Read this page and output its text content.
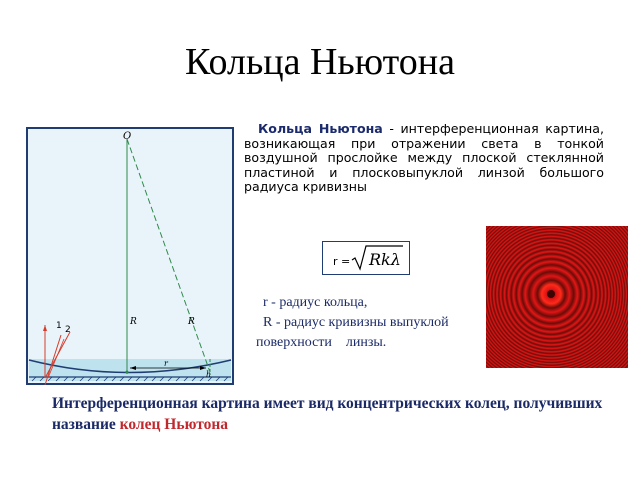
Кольца Ньютона
O
R	R
r
h
1 2
Кольца Ньютона - интерференционная картина, возникающая при отражении света в тонкой воздушной прослойке между плоской стеклянной пластиной и плосковыпуклой линзой большого радиуса кривизны
r = Rkλ
r - радиус кольца,
R - радиус кривизны выпуклой
поверхности    линзы.
Интерференционная картина имеет вид концентрических колец, получивших название колец Ньютона
